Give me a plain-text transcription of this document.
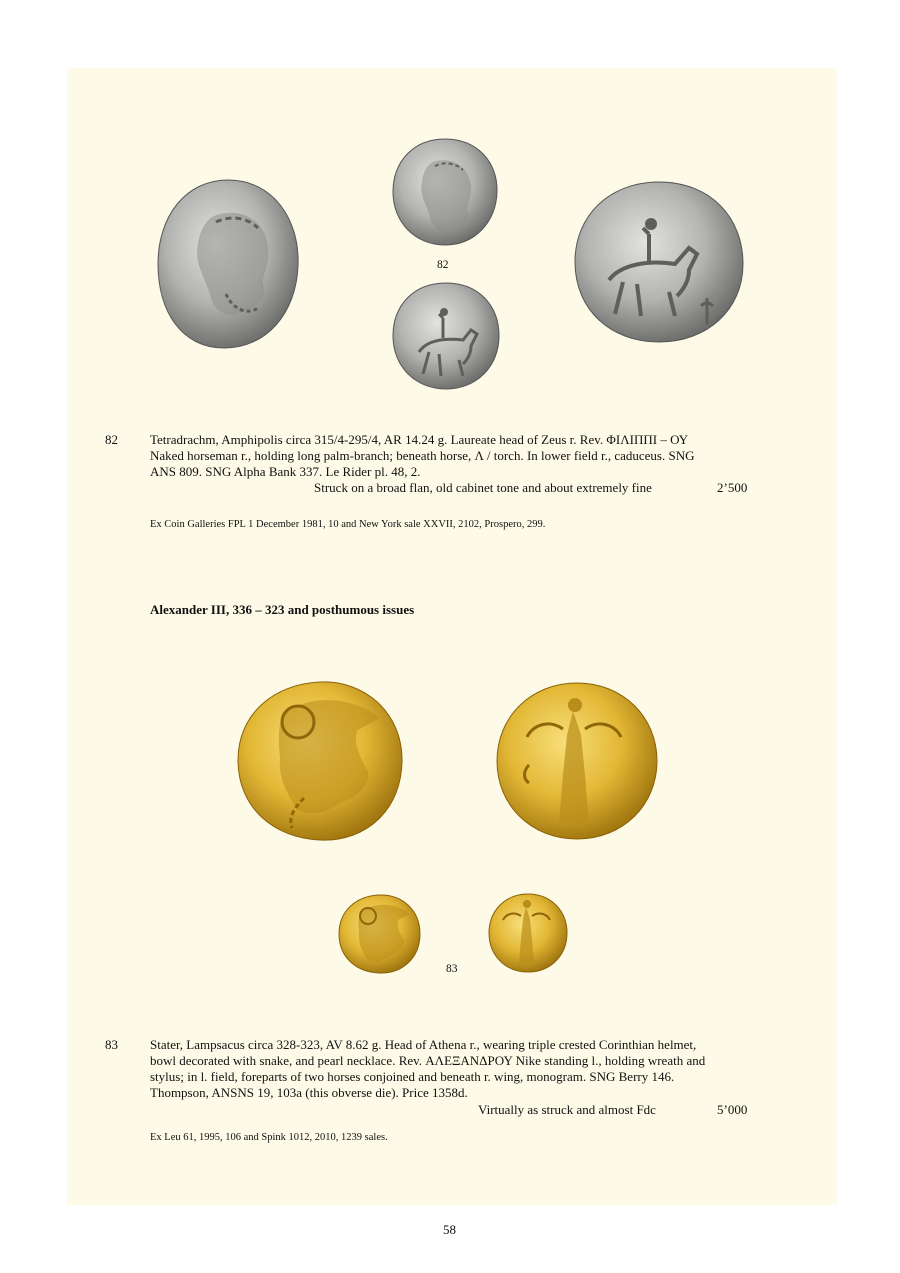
82
82 Tetradrachm, Amphipolis circa 315/4-295/4, AR 14.24 g. Laureate head of Zeus r. Rev. ΦΙΛΙΠΠΙ – ΟΥ
Naked horseman r., holding long palm-branch; beneath horse, Λ / torch. In lower field r., caduceus. SNG
ANS 809. SNG Alpha Bank 337. Le Rider pl. 48, 2.
Struck on a broad flan, old cabinet tone and about extremely fine	2’500
Ex Coin Galleries FPL 1 December 1981, 10 and New York sale XXVII, 2102, Prospero, 299.
Alexander III, 336 – 323 and posthumous issues
83
83 Stater, Lampsacus circa 328-323, AV 8.62 g. Head of Athena r., wearing triple crested Corinthian helmet,
bowl decorated with snake, and pearl necklace. Rev. ΑΛΕΞΑΝΔΡΟΥ Nike standing l., holding wreath and
stylus; in l. field, foreparts of two horses conjoined and beneath r. wing, monogram. SNG Berry 146.
Thompson, ANSNS 19, 103a (this obverse die). Price 1358d.
Virtually as struck and almost Fdc	5’000
Ex Leu 61, 1995, 106 and Spink 1012, 2010, 1239 sales.
58
